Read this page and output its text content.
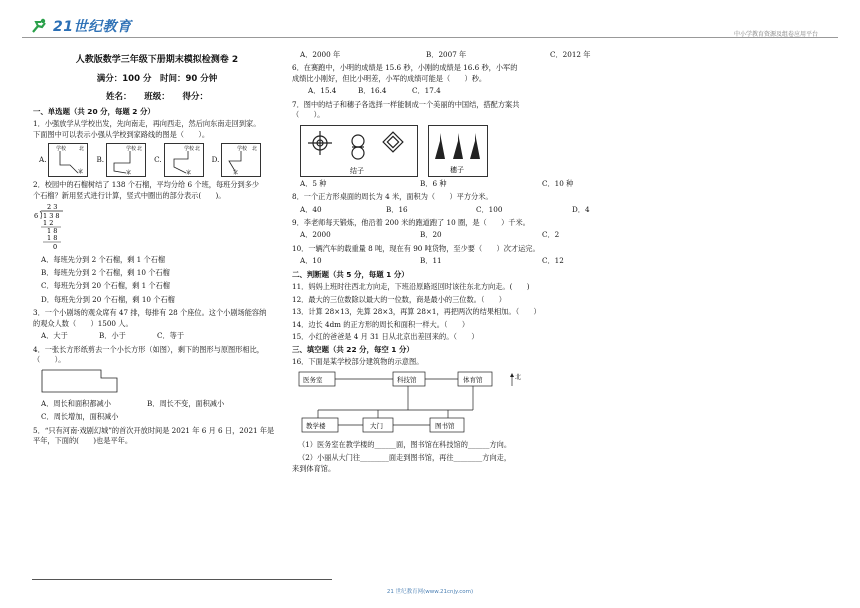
21世纪教育	中小学教育资源及组卷应用平台
人教版数学三年级下册期末模拟检测卷 2
满分：100 分　时间：90 分钟
姓名：　　班级：　　得分：
一、单选题（共 20 分，每题 2 分）
1．小强放学从学校出发，先向南走，再向西走，然后向东南走回到家。
下面图中可以表示小强从学校到家路线的图是（　　）。
A.
学校	北
家
B.
学校 北
家
C.
学校 北
家
D.
学校 北
家
2．校园中的石榴树结了 138 个石榴，平均分给 6 个班，每班分到多少
个石榴？新用竖式进行计算，竖式中圈出的部分表示(　　)。
2 3
6 1 3 8
1 2
1 8
1 8
0
A．每班先分到 2 个石榴，剩 1 个石榴
B．每班先分到 2 个石榴，剩 10 个石榴
C．每班先分到 20 个石榴，剩 1 个石榴
D．每班先分到 20 个石榴，剩 10 个石榴
3．一个小剧场的观众席有 47 排，每排有 28 个座位。这个小剧场能容纳
的观众人数（　　）1500 人。
A．大于	B．小于	C．等于
4．一张长方形纸剪去一个小长方形（如图），剩下的图形与原图形相比，
（　　）。
A．周长和面积都减小	B．周长不变，面积减小
C．周长增加，面积减小
5．“只有河南·戏剧幻城”的首次开放时间是 2021 年 6 月 6 日，2021 年是
平年，下面的(　　)也是平年。
A．2000 年	B．2007 年	C．2012 年
6．在赛跑中，小明的成绩是 15.6 秒，小刚的成绩是 16.6 秒，小军的
成绩比小刚好，但比小明差，小军的成绩可能是（　　）秒。
A．15.4	B．16.4	C．17.4
7．图中的结子和穗子各选择一样能制成一个美丽的中国结，搭配方案共
（　　）。
结子	穗子
A．5 种	B．6 种	C．10 种
8．一个正方形桌面的周长为 4 米，面积为（　　）平方分米。
A．40	B．16	C．100	D．4
9．李老师每天锻炼，他沿着 200 米的跑道跑了 10 圈，是（　　）千米。
A．2000	B．20	C．2
10．一辆汽车的载重量 8 吨，现在有 90 吨货物，至少要（　　）次才运完。
A．10	B．11	C．12
二、判断题（共 5 分，每题 1 分）
11．妈妈上班时往西北方向走，下班沿原路返回时该往东北方向走。(　　)
12．最大的三位数除以最大的一位数，商是最小的三位数。（　　）
13．计算 28×13，先算 28×3，再算 28×1，再把两次的结果相加。（　　）
14．边长 4dm 的正方形的周长和面积一样大。（　　）
15．小红的爸爸是 4 月 31 日从北京出差回来的。（　　）
三、填空题（共 22 分，每空 1 分）
16．下面是某学校部分建筑物的示意图。
医务室	科技馆	体育馆
教学楼	大门	图书馆
北
（1）医务室在教学楼的______面，图书馆在科技馆的______方向。
（2）小丽从大门往________面走到图书馆，再往________方向走，
来到体育馆。
21 世纪教育网(www.21cnjy.com)
